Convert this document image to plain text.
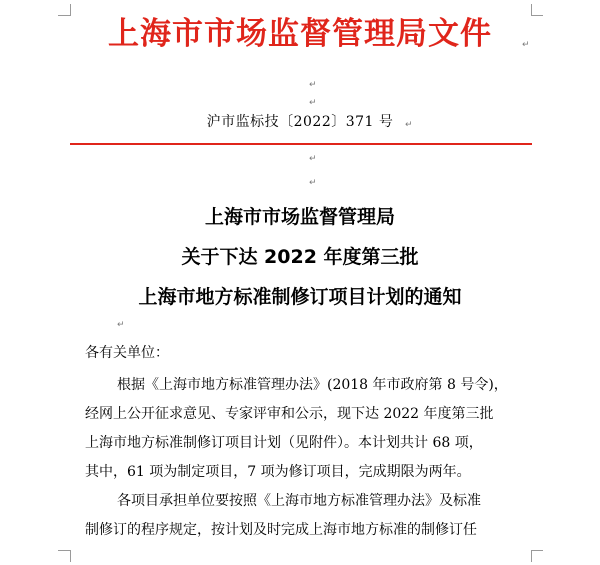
上海市市场监督管理局文件	↵
↵
↵
沪市监标技〔2022〕371 号	↵
↵
↵
上海市市场监督管理局
关于下达 2022 年度第三批
上海市地方标准制修订项目计划的通知
↵
各有关单位：
根据《上海市地方标准管理办法》(2018 年市政府第 8 号令)，
经网上公开征求意见、专家评审和公示，现下达 2022 年度第三批
上海市地方标准制修订项目计划（见附件）。本计划共计 68 项，
其中，61 项为制定项目，7 项为修订项目，完成期限为两年。
各项目承担单位要按照《上海市地方标准管理办法》及标准
制修订的程序规定，按计划及时完成上海市地方标准的制修订任
